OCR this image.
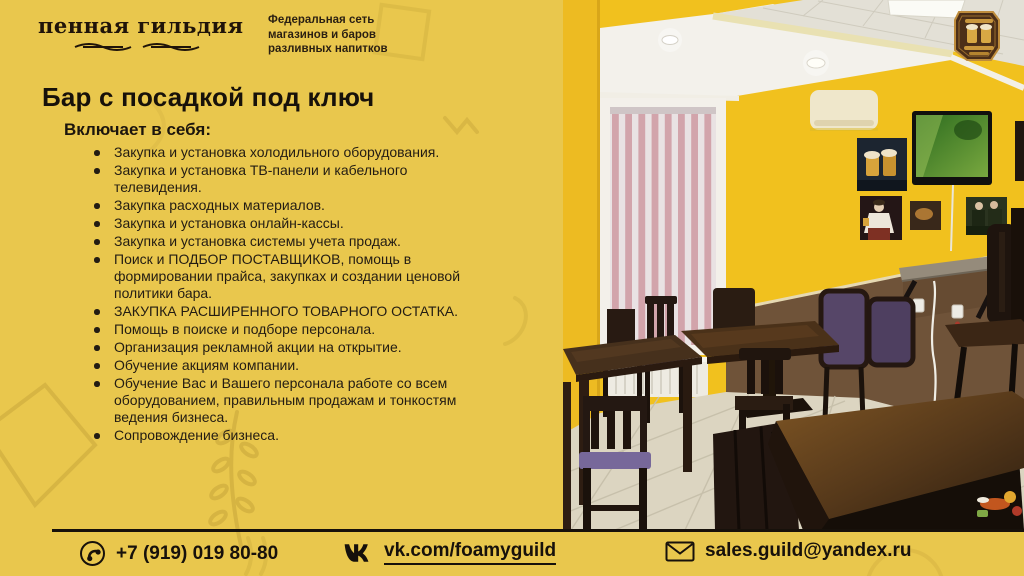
пенная гильдия Федеральная сеть магазинов и баров разливных напитков
Бар с посадкой под ключ
Включает в себя:
Закупка и установка холодильного оборудования.
Закупка и установка ТВ-панели и кабельного телевидения.
Закупка расходных материалов.
Закупка и установка онлайн-кассы.
Закупка и установка системы учета продаж.
Поиск и ПОДБОР ПОСТАВЩИКОВ, помощь в формировании прайса, закупках и создании ценовой политики бара.
ЗАКУПКА РАСШИРЕННОГО ТОВАРНОГО ОСТАТКА.
Помощь в поиске и подборе персонала.
Организация рекламной акции на открытие.
Обучение акциям компании.
Обучение Вас и Вашего персонала работе со всем оборудованием, правильным продажам и тонкостям ведения бизнеса.
Сопровождение бизнеса.
+7 (919) 019 80-80	vk.com/foamyguild	sales.guild@yandex.ru
